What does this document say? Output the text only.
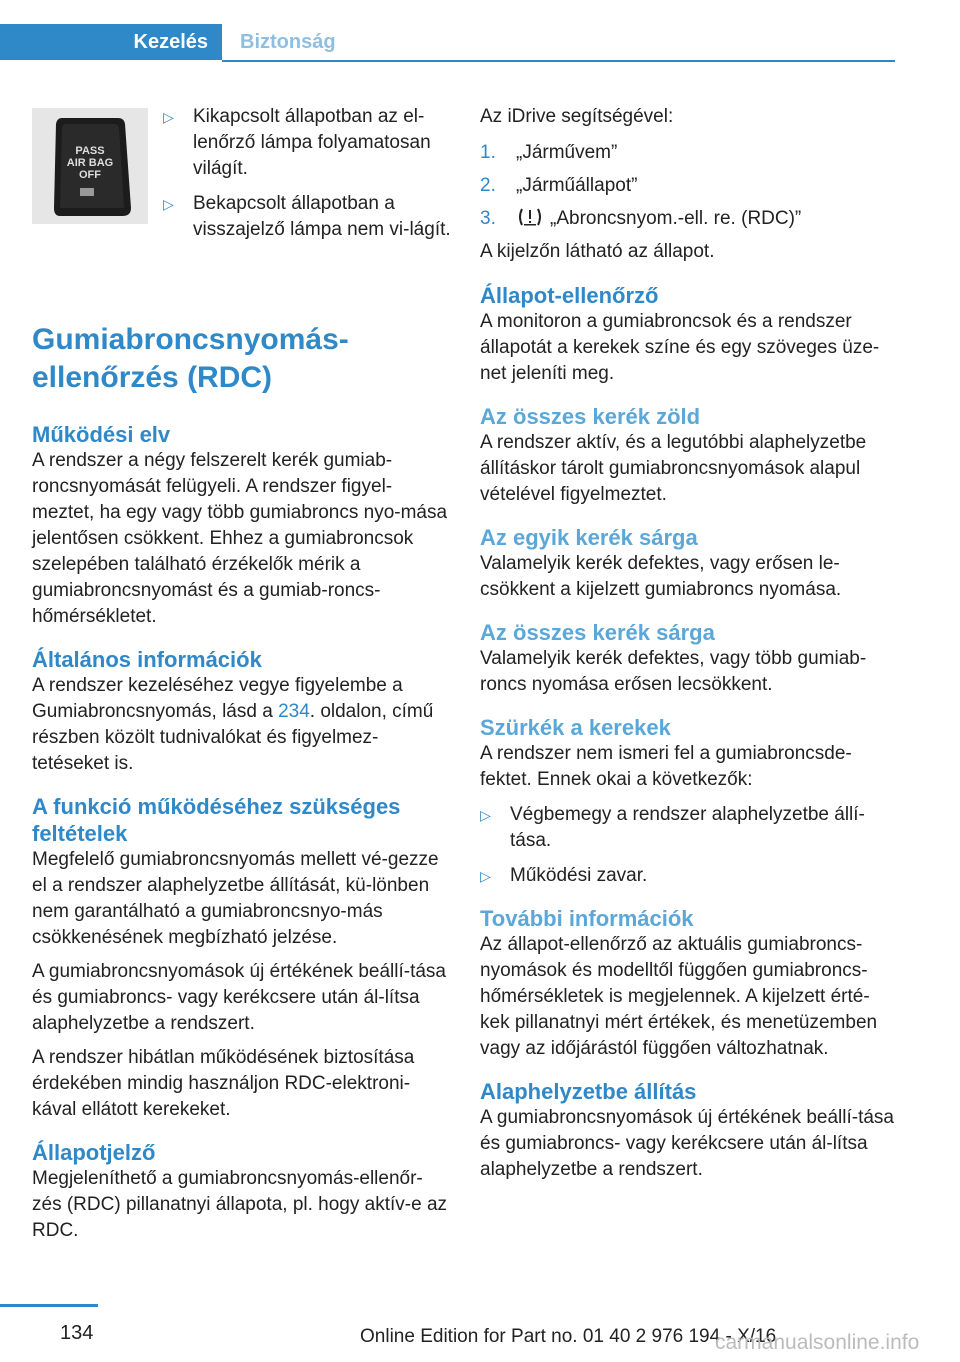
Kezelés	Biztonság
PASS
AIR BAG
OFF
▷ Kikapcsolt állapotban az el-lenőrző lámpa folyamatosan világít.
▷ Bekapcsolt állapotban a visszajelző lámpa nem vi-lágít.
Gumiabroncsnyomás-ellenőrzés (RDC)
Működési elv

A rendszer a négy felszerelt kerék gumiab-roncsnyomását felügyeli. A rendszer figyel-meztet, ha egy vagy több gumiabroncs nyo-mása jelentősen csökkent. Ehhez a gumiabroncsok szelepében található érzékelők mérik a gumiabroncsnyomást és a gumiab-roncs-hőmérsékletet.

Általános információk

A rendszer kezeléséhez vegye figyelembe a Gumiabroncsnyomás, lásd a 234. oldalon, című részben közölt tudnivalókat és figyelmez-tetéseket is.

A funkció működéséhez szükséges feltételek

Megfelelő gumiabroncsnyomás mellett vé-gezze el a rendszer alaphelyzetbe állítását, kü-lönben nem garantálható a gumiabroncsnyo-más csökkenésének megbízható jelzése.

A gumiabroncsnyomások új értékének beállí-tása és gumiabroncs- vagy kerékcsere után ál-lítsa alaphelyzetbe a rendszert.

A rendszer hibátlan működésének biztosítása érdekében mindig használjon RDC-elektroni-kával ellátott kerekeket.

Állapotjelző

Megjeleníthető a gumiabroncsnyomás-ellenőr-zés (RDC) pillanatnyi állapota, pl. hogy aktív-e az RDC.

Az iDrive segítségével:

1. „Járművem”
2. „Járműállapot”
3.	„Abroncsnyom.-ell. re. (RDC)”

A kijelzőn látható az állapot.

Állapot-ellenőrző

A monitoron a gumiabroncsok és a rendszer állapotát a kerekek színe és egy szöveges üze-net jeleníti meg.

Az összes kerék zöld

A rendszer aktív, és a legutóbbi alaphelyzetbe állításkor tárolt gumiabroncsnyomások alapul vételével figyelmeztet.

Az egyik kerék sárga

Valamelyik kerék defektes, vagy erősen le-csökkent a kijelzett gumiabroncs nyomása.

Az összes kerék sárga

Valamelyik kerék defektes, vagy több gumiab-roncs nyomása erősen lecsökkent.

Szürkék a kerekek

A rendszer nem ismeri fel a gumiabroncsde-fektet. Ennek okai a következők:

▷ Végbemegy a rendszer alaphelyzetbe állí-tása.
▷ Működési zavar.
További információk

Az állapot-ellenőrző az aktuális gumiabroncs-nyomások és modelltől függően gumiabroncs-hőmérsékletek is megjelennek. A kijelzett érté-kek pillanatnyi mért értékek, és menetüzemben vagy az időjárástól függően változhatnak.

Alaphelyzetbe állítás

A gumiabroncsnyomások új értékének beállí-tása és gumiabroncs- vagy kerékcsere után ál-lítsa alaphelyzetbe a rendszert.

134	Online Edition for Part no. 01 40 2 976 194 - X/16
carmanualsonline.info
